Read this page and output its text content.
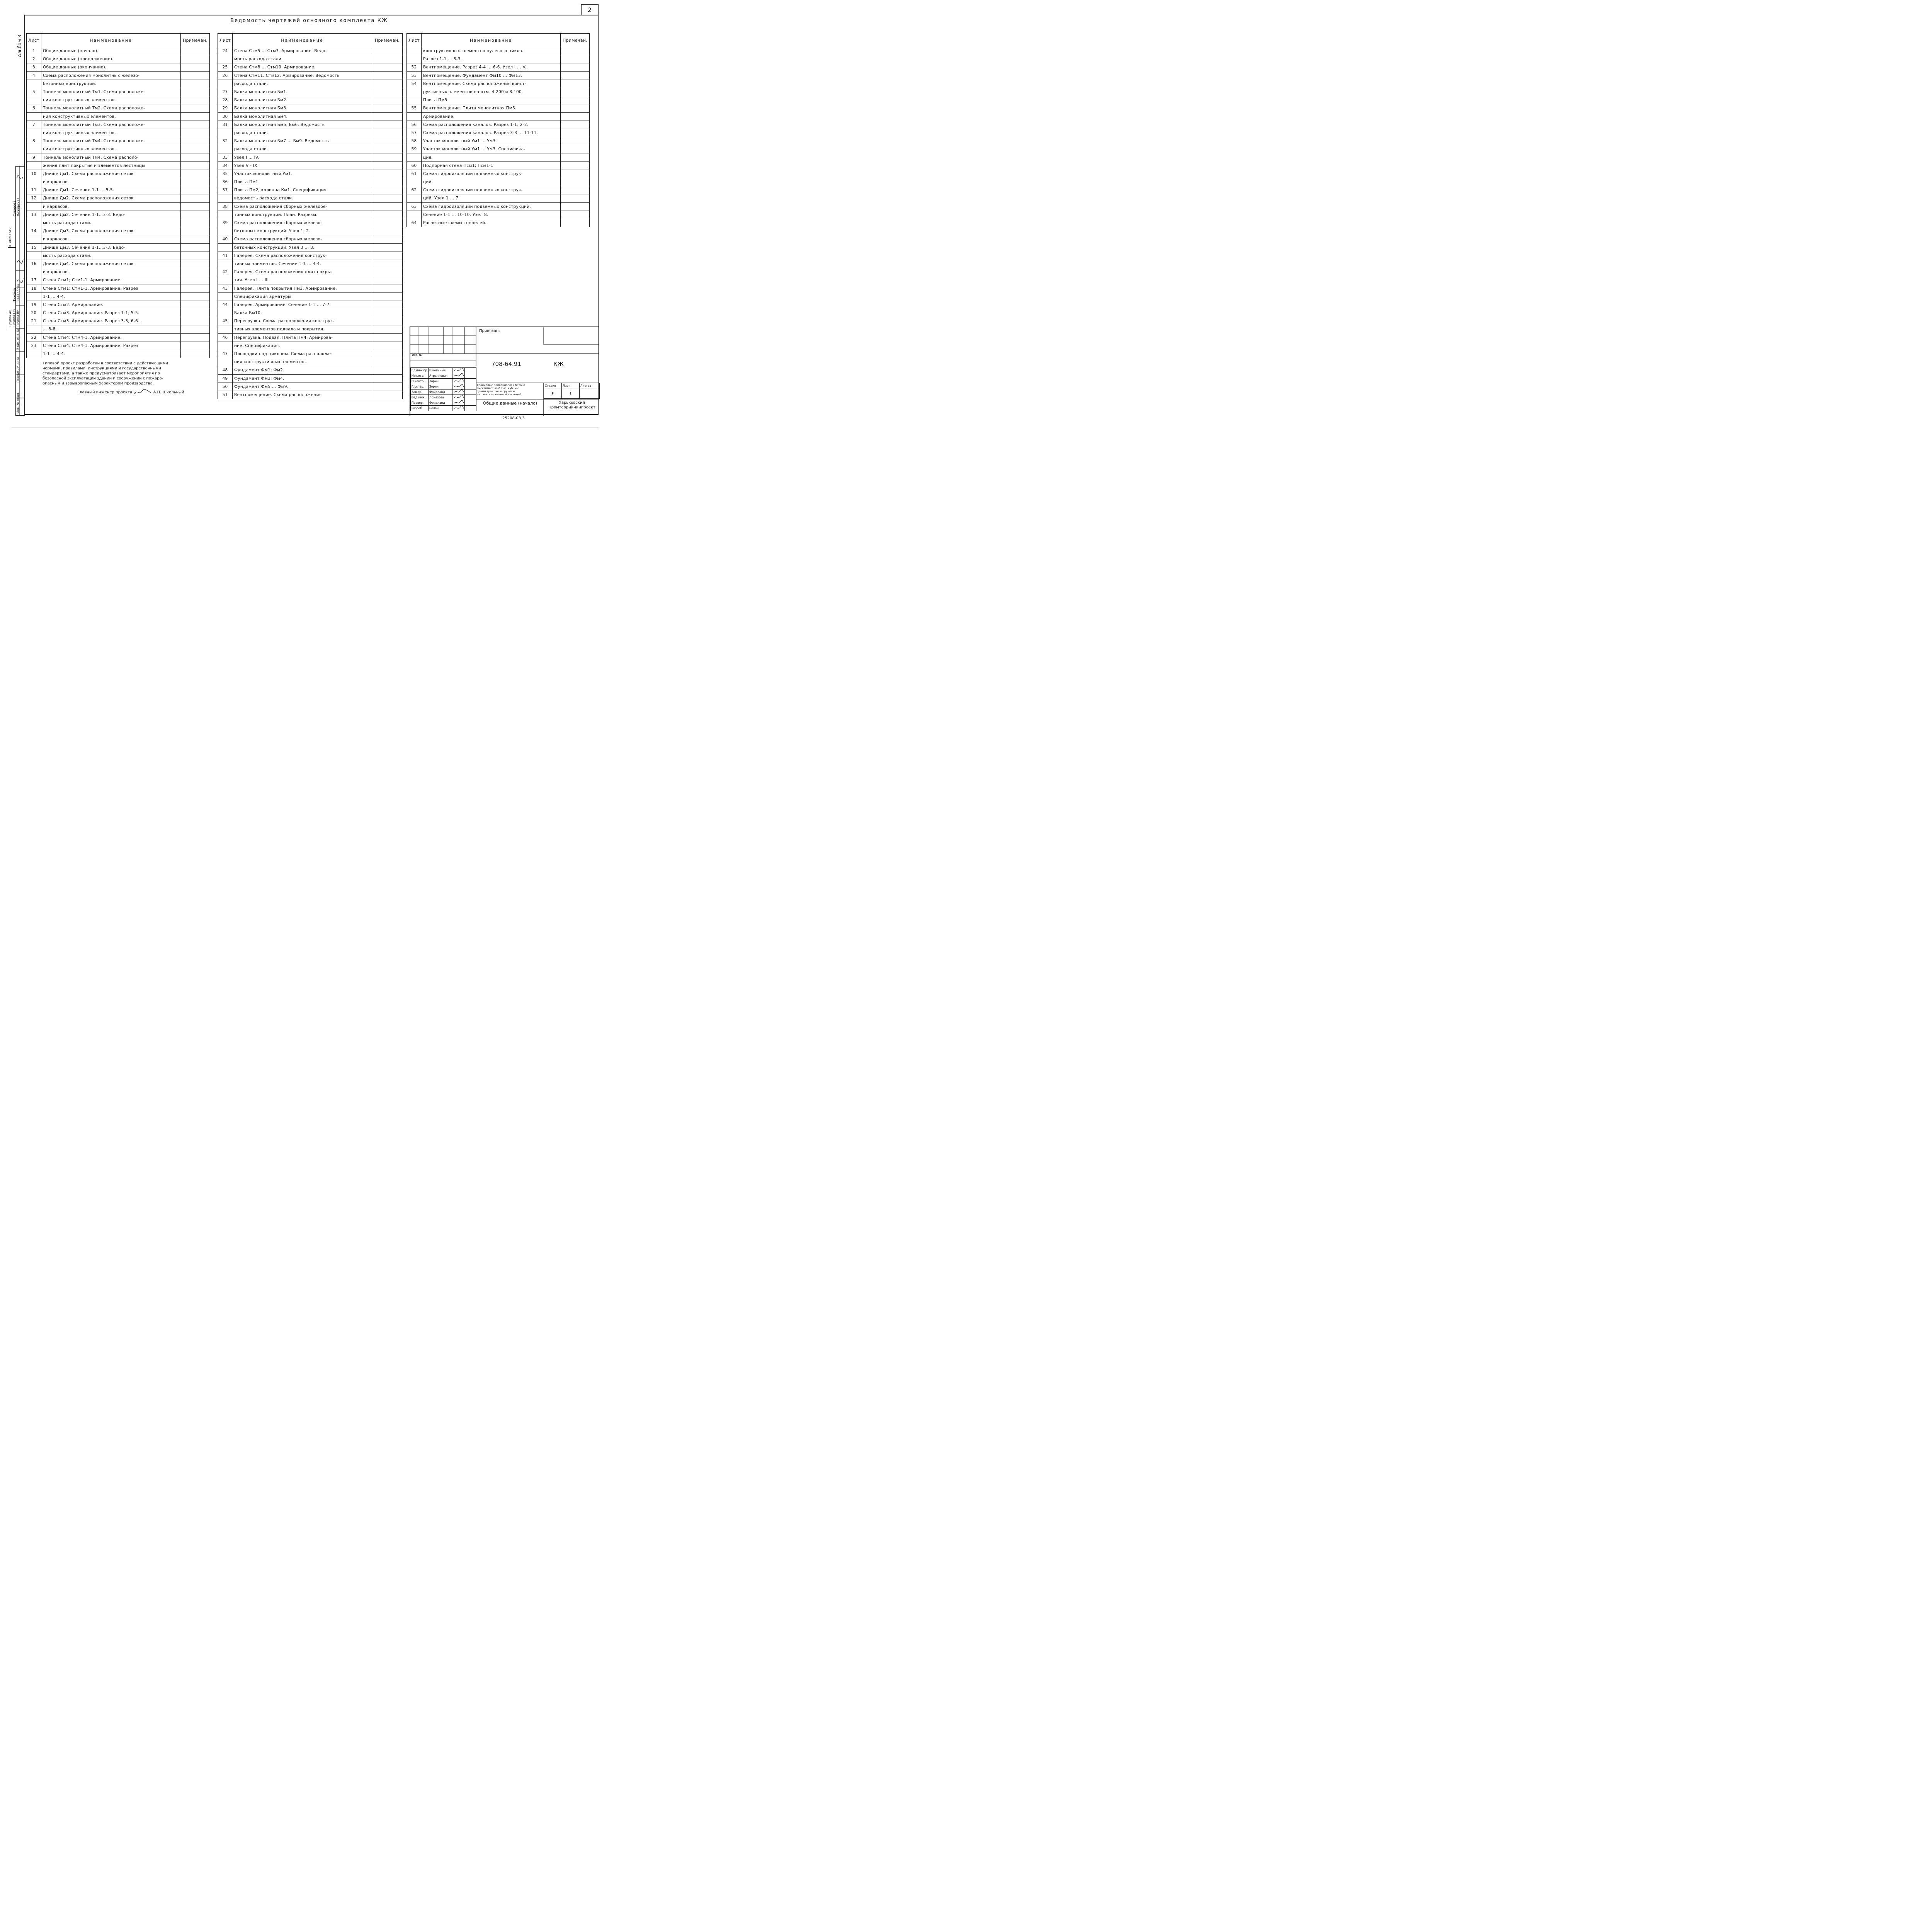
2
Альбом 3
Ведомость чертежей основного комплекта КЖ
Лист	Наименование	Примечан.
1	Общие данные (начало).	
2	Общие данные (продолжение).	
3	Общие данные (окончание).	
4	Схема расположения монолитных железо-	
	бетонных конструкций.	
5	Тоннель монолитный Тм1. Схема расположе-	
	ния конструктивных элементов.	
6	Тоннель монолитный Тм2. Схема расположе-	
	ния конструктивных элементов.	
7	Тоннель монолитный Тм3. Схема расположе-	
	ния конструктивных элементов.	
8	Тоннель монолитный Тм4. Схема расположе-	
	ния конструктивных элементов.	
9	Тоннель монолитный Тм4. Схема располо-	
	жения плит покрытия и элементов лестницы	
10	Днище Дм1. Схема расположения сеток	
	и каркасов.	
11	Днище Дм1. Сечение 1-1 ... 5-5.	
12	Днище Дм2. Схема расположения сеток	
	и каркасов.	
13	Днище Дм2. Сечение 1-1...3-3. Ведо-	
	мость расхода стали.	
14	Днище Дм3. Схема расположения сеток	
	и каркасов.	
15	Днище Дм3. Сечение 1-1...3-3. Ведо-	
	мость расхода стали.	
16	Днище Дм4. Схема расположения сеток	
	и каркасов.	
17	Стена Стм1; Стм1-1. Армирование.	
18	Стена Стм1; Стм1-1. Армирование. Разрез	
	1-1 ... 4-4.	
19	Стена Стм2. Армирование.	
20	Стена Стм3. Армирование. Разрез 1-1; 5-5.	
21	Стена Стм3. Армирование. Разрез 3-3; 6-6...	
	... 8-8.	
22	Стена Стм4; Стм4-1. Армирование.	
23	Стена Стм4; Стм4-1. Армирование. Разрез	
	1-1 ... 4-4.	
Лист	Наименование	Примечан.
24	Стена Стм5 ... Стм7. Армирование. Ведо-	
	мость расхода стали.	
25	Стена Стм8 ... Стм10. Армирование.	
26	Стена Стм11, Стм12. Армирование. Ведомость	
	расхода стали.	
27	Балка монолитная Бм1.	
28	Балка монолитная Бм2.	
29	Балка монолитная Бм3.	
30	Балка монолитная Бм4.	
31	Балка монолитная Бм5, Бм6. Ведомость	
	расхода стали.	
32	Балка монолитная Бм7 ... Бм9. Ведомость	
	расхода стали.	
33	Узел I ... IV.	
34	Узел V - IX.	
35	Участок монолитный Ум1.	
36	Плита Пм1.	
37	Плита Пм2, колонна Км1. Спецификация,	
	ведомость расхода стали.	
38	Схема расположения сборных железобе-	
	тонных конструкций. План. Разрезы.	
39	Схема расположения сборных железо-	
	бетонных конструкций. Узел 1, 2.	
40	Схема расположения сборных железо-	
	бетонных конструкций. Узел 3 ... 8.	
41	Галерея. Схема расположения конструк-	
	тивных элементов. Сечение 1-1 ... 4-4.	
42	Галерея. Схема расположения плит покры-	
	тия. Узел I ... III.	
43	Галерея. Плита покрытия Пм3. Армирование.	
	Спецификация арматуры.	
44	Галерея. Армирование. Сечение 1-1 ... 7-7.	
	Балка Бм10.	
45	Перегрузка. Схема расположения конструк-	
	тивных элементов подвала и покрытия.	
46	Перегрузка. Подвал. Плита Пм4. Армирова-	
	ние. Спецификация.	
47	Площадки под циклоны. Схема расположе-	
	ния конструктивных элементов.	
48	Фундамент Фм1; Фм2.	
49	Фундамент Фм3; Фм4.	
50	Фундамент Фм5 ... Фм9.	
51	Вентпомещение. Схема расположения	
Лист	Наименование	Примечан.
	конструктивных элементов нулевого цикла.	
	Разрез 1-1 ... 3-3.	
52	Вентпомещение. Разрез 4-4 ... 6-6. Узел I ... V.	
53	Вентпомещение. Фундамент Фм10 ... Фм13.	
54	Вентпомещение. Схема расположения конст-	
	руктивных элементов на отм. 4.200 и 8.100.	
	Плита Пм5.	
55	Вентпомещение. Плита монолитная Пм5.	
	Армирование.	
56	Схема расположения каналов. Разрез 1-1; 2-2.	
57	Схема расположения каналов. Разрез 3-3 ... 11-11.	
58	Участок монолитный Ум1 ... Ум3.	
59	Участок монолитный Ум1 ... Ум3. Специфика-	
	ция.	
60	Подпорная стена Псм1; Псм1-1.	
61	Схема гидроизоляции подземных конструк-	
	ций.	
62	Схема гидроизоляции подземных конструк-	
	ций. Узел 1 ... 7.	
63	Схема гидроизоляции подземных конструкций.	
	Сечение 1-1 ... 10-10. Узел 8.	
64	Расчетные схемы тоннелей.	
Типовой проект разработан в соответствии с действующими
нормами, правилами, инструкциями и государственными
стандартами, а также предусматривает мероприятия по
безопасной эксплуатации зданий и сооружений с пожаро-
опасным и взрывоопасным характером производства.
Главный инженер проекта	А.П. Школьный
Привязан:
Инв. №
708-64.91	КЖ
Гл.инж.пр.	Школьный		
Нач.отд.	Атраннович		
Н.контр.	Зорин		
Гл.спец.	Зорин		
Зав.гр.	Фридланд		
Вед.инж.	Ломазова		
Провер.	Фридланд		
Разраб.	Белан		
Хранилище заполнителей бетона
вместимостью 6 тыс. куб. м с
одним трактом загрузки и
автоматизированной системой
Стадия	Лист	Листов
Р	1	
Общие данные (начало)	Харьковский
Промтеорийниипроект
Инв. № подл.
Подпись и дата
Взам. инв. №
Группа АР Группа ОВ Группа ВК
Тихонов Кавалдова
Сидорова Межирская
ПТиНИП отк
25208-03 3
